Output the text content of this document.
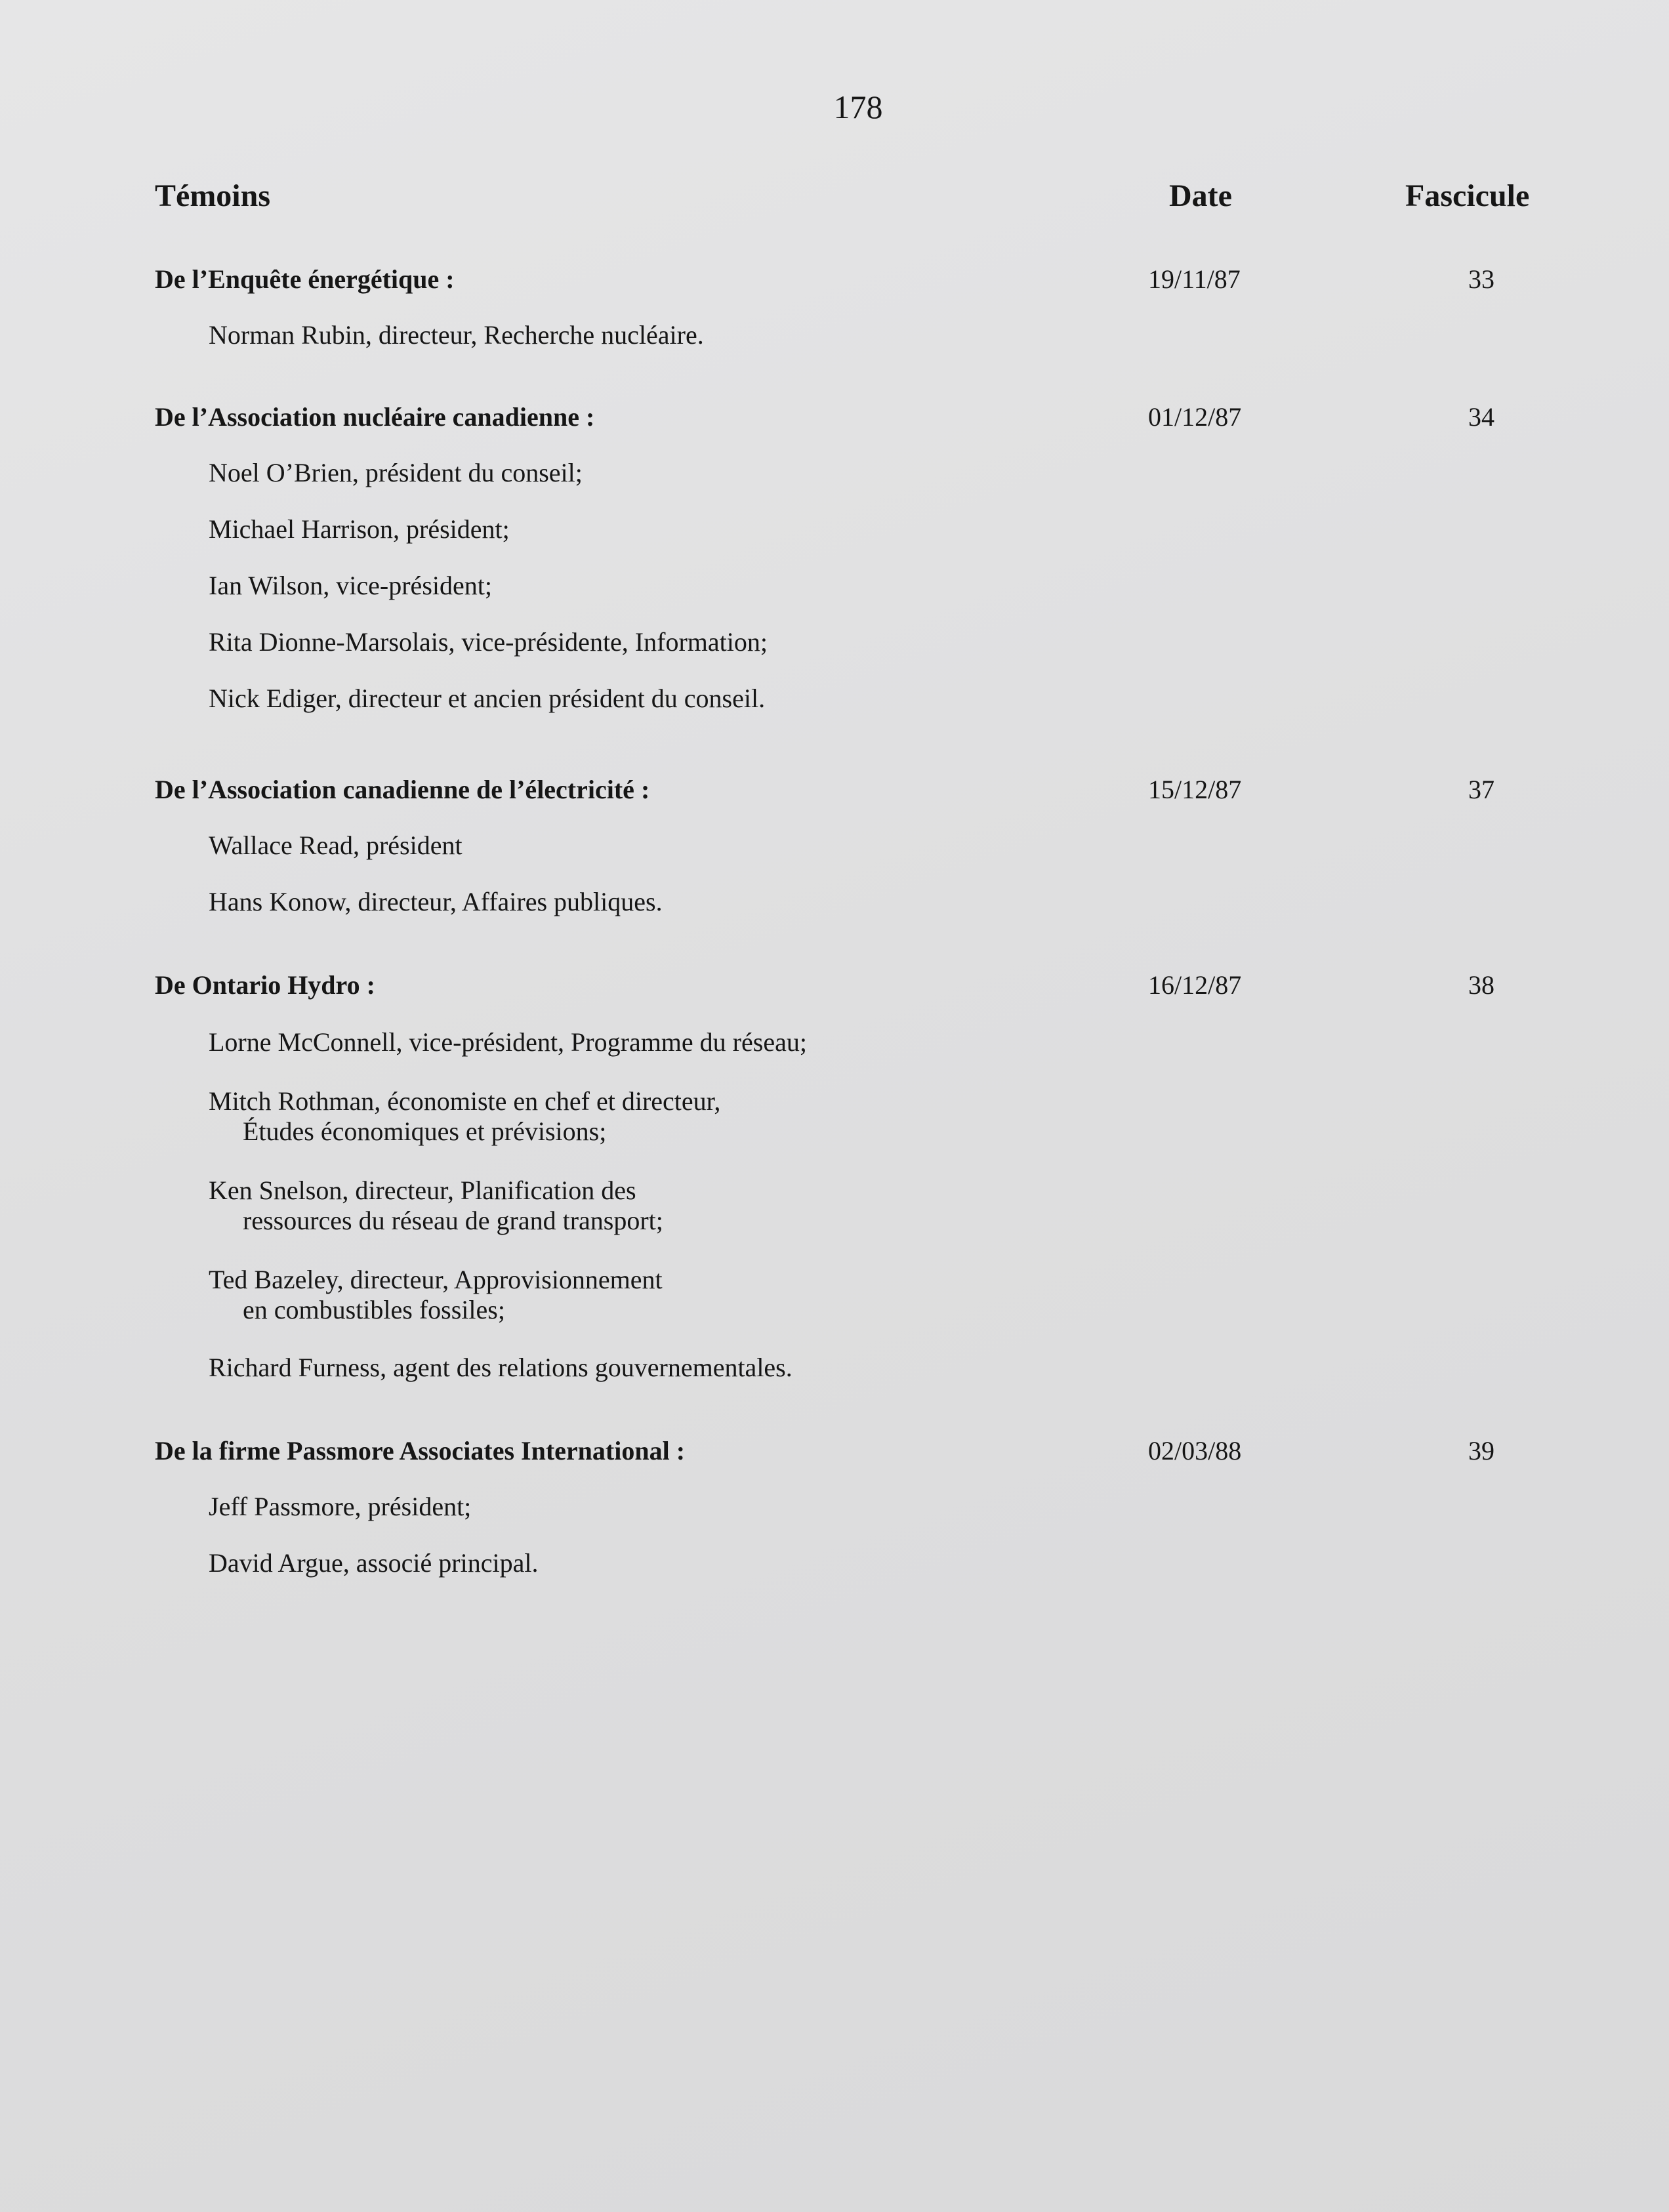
178
Témoins	Date	Fascicule
De l’Enquête énergétique :	19/11/87	33
Norman Rubin, directeur, Recherche nucléaire.
De l’Association nucléaire canadienne :	01/12/87	34
Noel O’Brien, président du conseil;
Michael Harrison, président;
Ian Wilson, vice-président;
Rita Dionne-Marsolais, vice-présidente, Information;
Nick Ediger, directeur et ancien président du conseil.
De l’Association canadienne de l’électricité :	15/12/87	37
Wallace Read, président
Hans Konow, directeur, Affaires publiques.
De Ontario Hydro :	16/12/87	38
Lorne McConnell, vice-président, Programme du réseau;
Mitch Rothman, économiste en chef et directeur,
Études économiques et prévisions;
Ken Snelson, directeur, Planification des
ressources du réseau de grand transport;
Ted Bazeley, directeur, Approvisionnement
en combustibles fossiles;
Richard Furness, agent des relations gouvernementales.
De la firme Passmore Associates International :	02/03/88	39
Jeff Passmore, président;
David Argue, associé principal.
